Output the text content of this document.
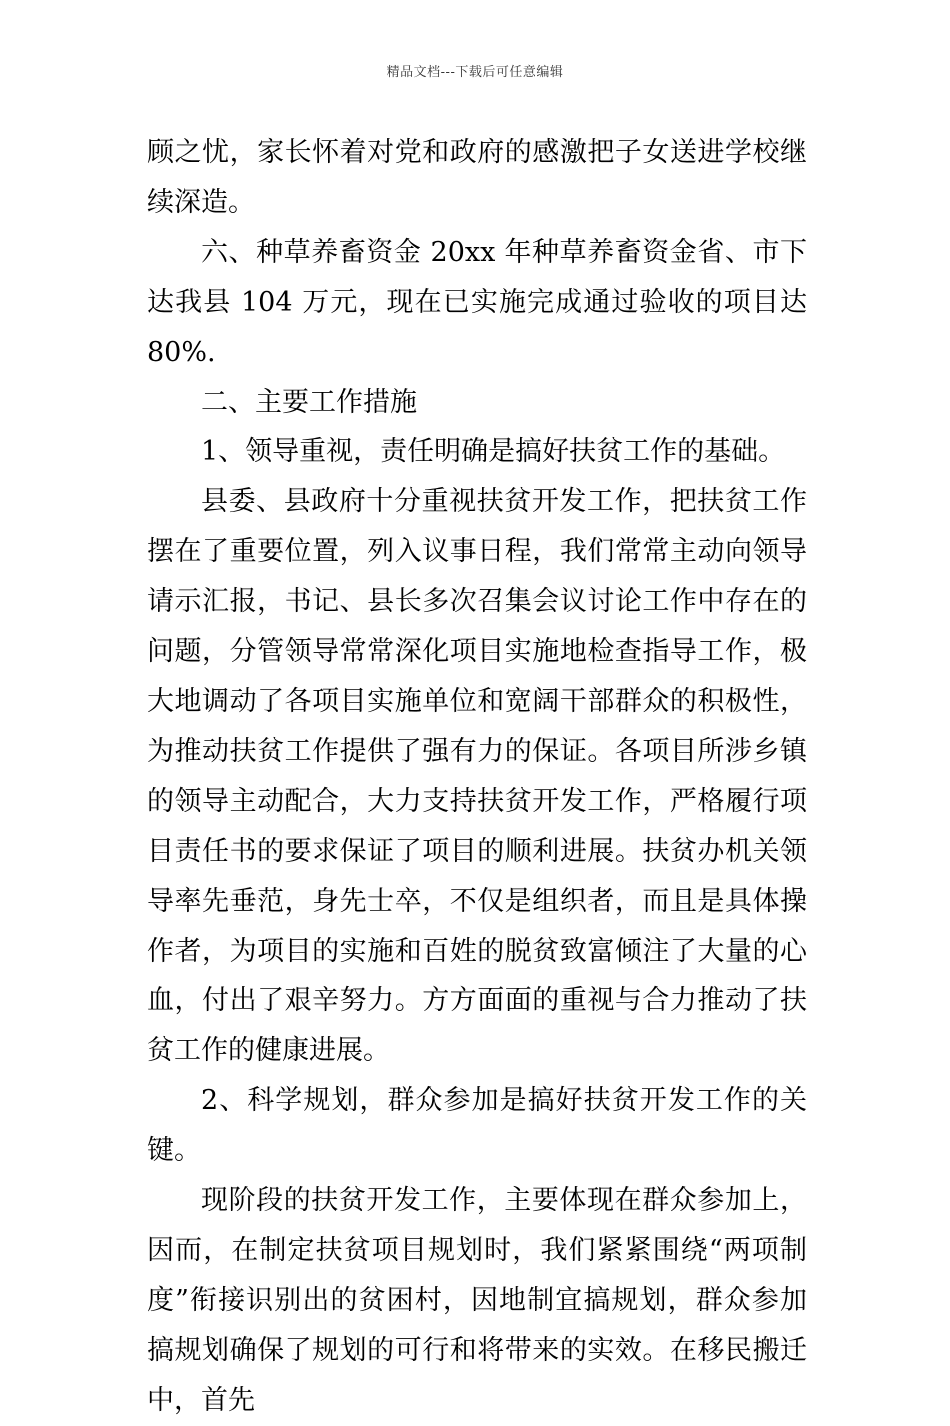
精品文档---下载后可任意编辑

顾之忧，家长怀着对党和政府的感激把子女送进学校继续深造。

六、种草养畜资金 20xx 年种草养畜资金省、市下达我县 104 万元，现在已实施完成通过验收的项目达 80%.

二、主要工作措施

1、领导重视，责任明确是搞好扶贫工作的基础。

县委、县政府十分重视扶贫开发工作，把扶贫工作摆在了重要位置，列入议事日程，我们常常主动向领导请示汇报，书记、县长多次召集会议讨论工作中存在的问题，分管领导常常深化项目实施地检查指导工作，极大地调动了各项目实施单位和宽阔干部群众的积极性，为推动扶贫工作提供了强有力的保证。各项目所涉乡镇的领导主动配合，大力支持扶贫开发工作，严格履行项目责任书的要求保证了项目的顺利进展。扶贫办机关领导率先垂范，身先士卒，不仅是组织者，而且是具体操作者，为项目的实施和百姓的脱贫致富倾注了大量的心血，付出了艰辛努力。方方面面的重视与合力推动了扶贫工作的健康进展。

2、科学规划，群众参加是搞好扶贫开发工作的关键。

现阶段的扶贫开发工作，主要体现在群众参加上，因而，在制定扶贫项目规划时，我们紧紧围绕“两项制度”衔接识别出的贫困村，因地制宜搞规划，群众参加搞规划确保了规划的可行和将带来的实效。在移民搬迁中，首先
